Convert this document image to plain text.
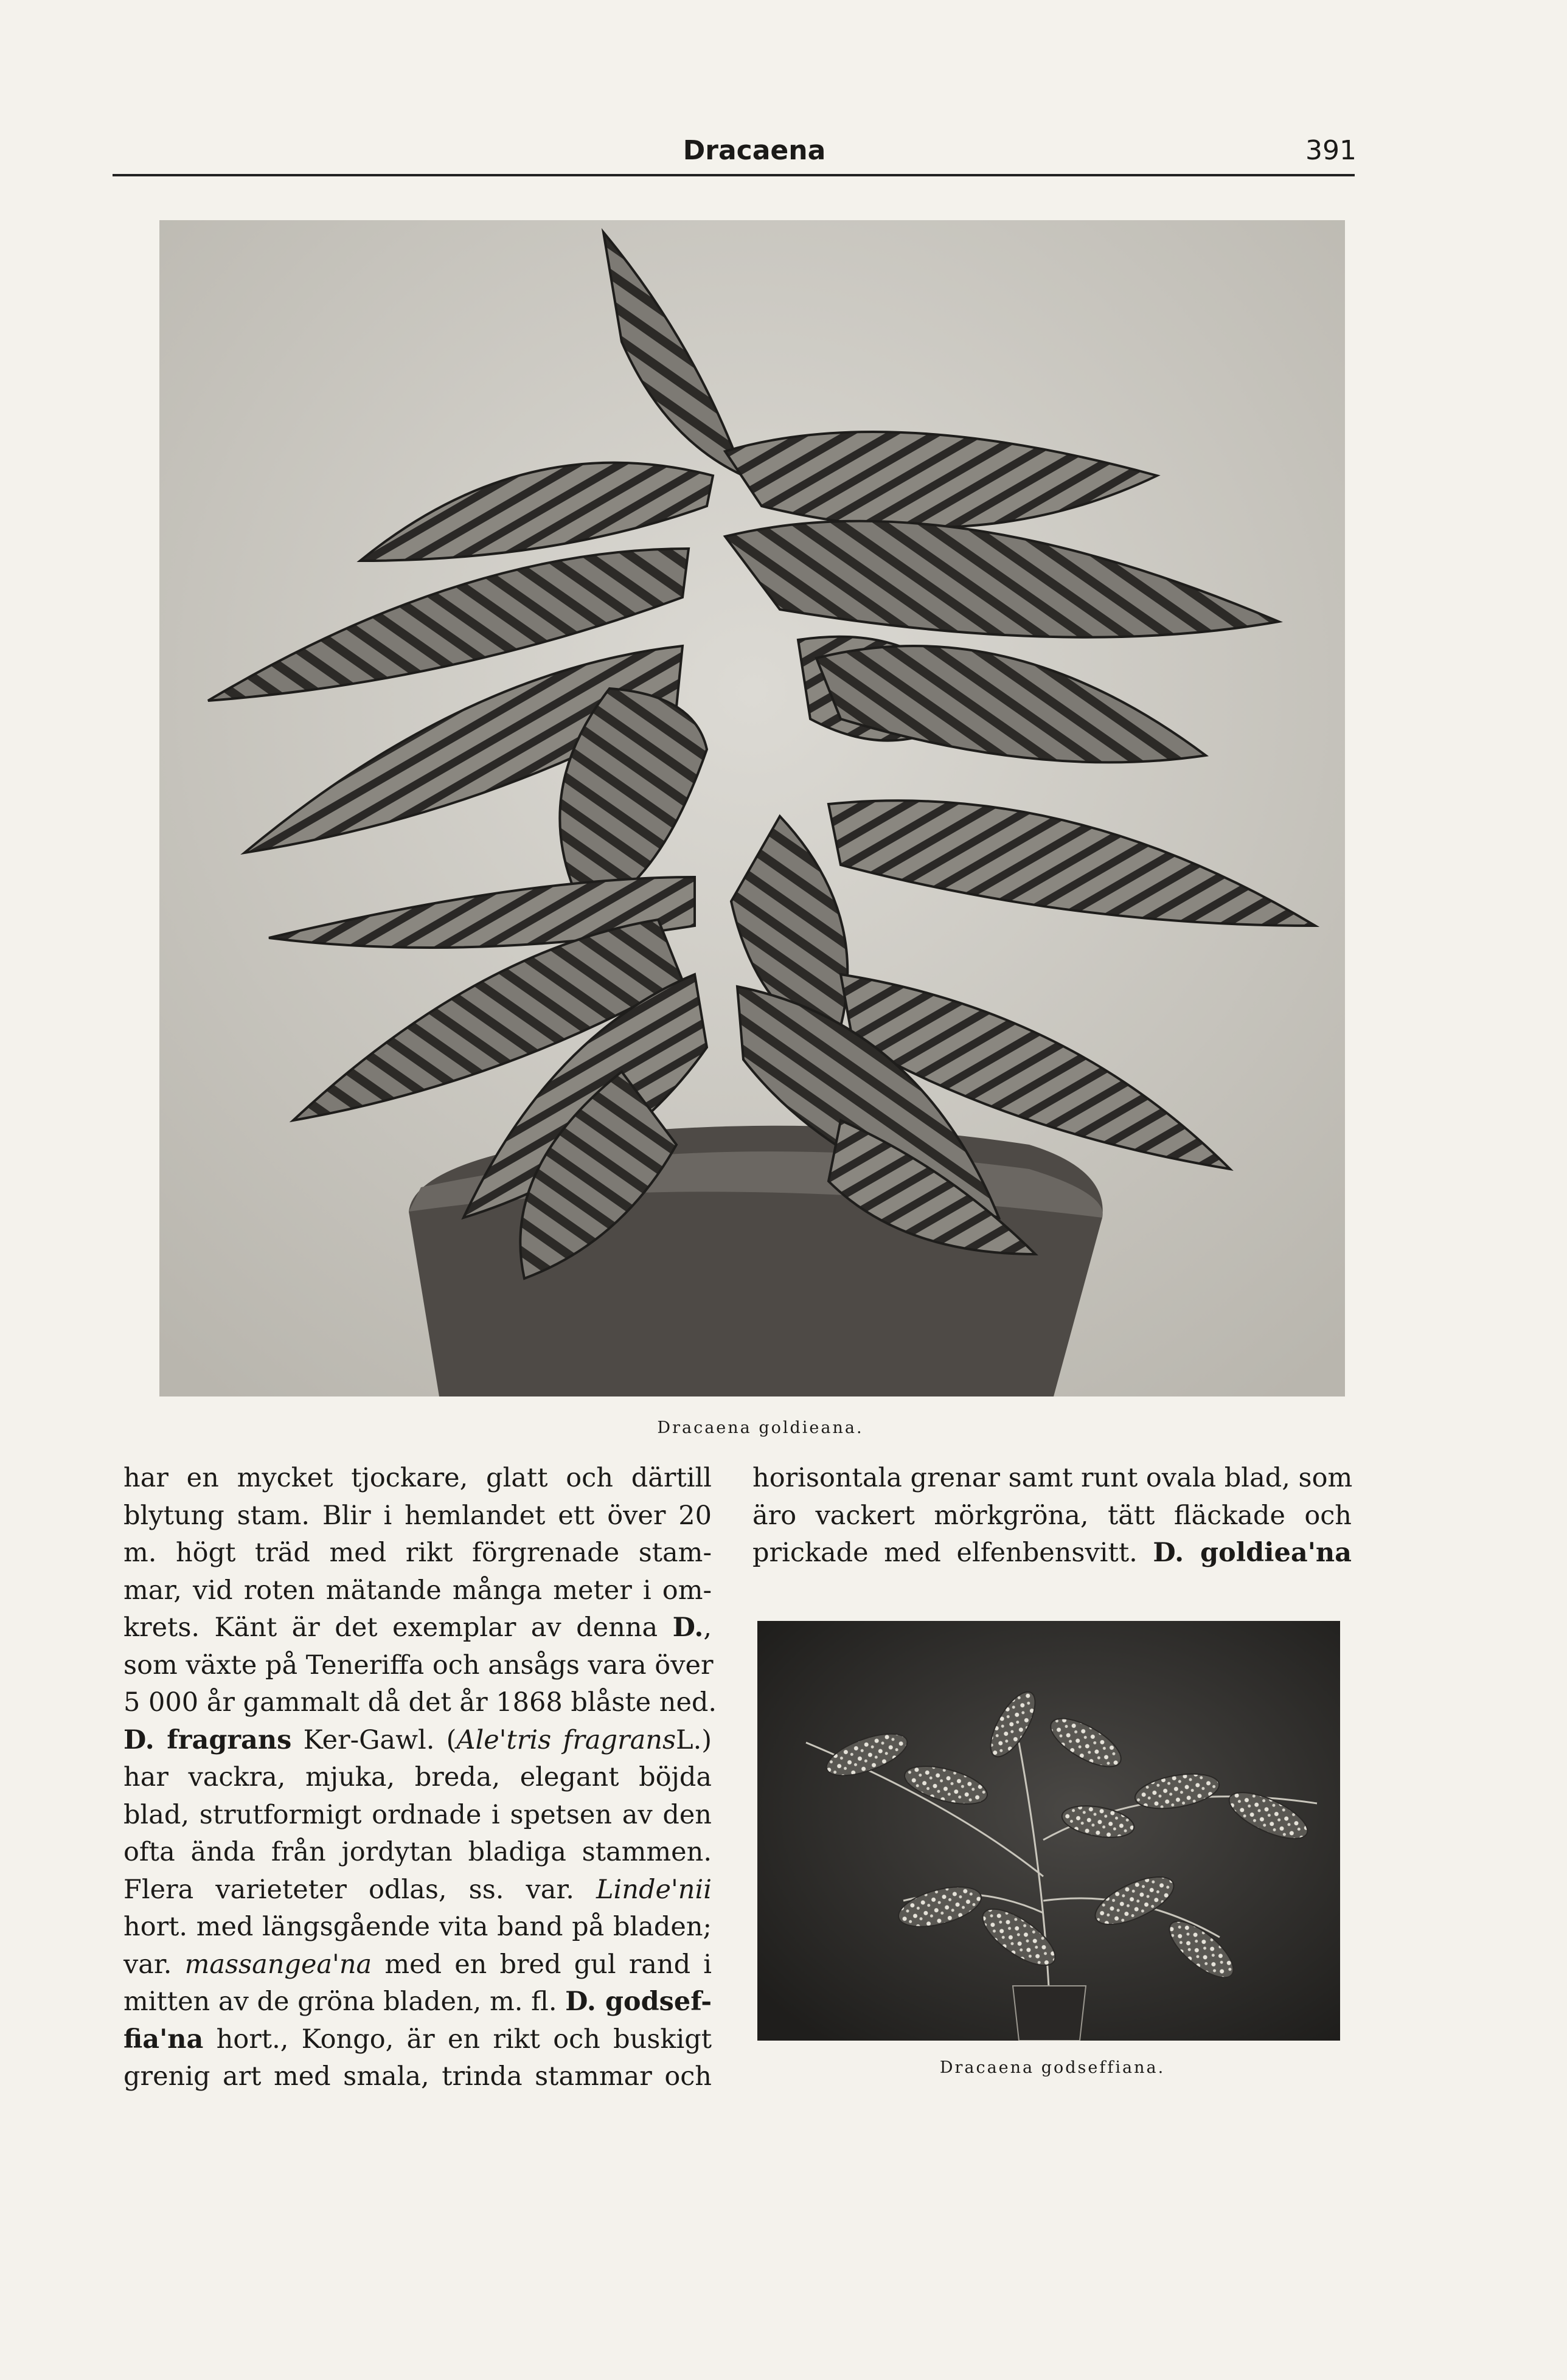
Dracaena	391
Dracaena goldieana.
har en mycket tjockare, glatt och därtill
blytung stam. Blir i hemlandet ett över 20
m. högt träd med rikt förgrenade stam-
mar, vid roten mätande många meter i om-
krets. Känt är det exemplar av denna D.,
som växte på Teneriffa och ansågs vara över
5 000 år gammalt då det år 1868 blåste ned.
D. fragrans Ker-Gawl. (Ale'tris fragransL.)
har vackra, mjuka, breda, elegant böjda
blad, strutformigt ordnade i spetsen av den
ofta ända från jordytan bladiga stammen.
Flera varieteter odlas, ss. var. Linde'nii
hort. med längsgående vita band på bladen;
var. massangea'na med en bred gul rand i
mitten av de gröna bladen, m. fl. D. godsef-
fia'na hort., Kongo, är en rikt och buskigt
grenig art med smala, trinda stammar och
horisontala grenar samt runt ovala blad, som
äro vackert mörkgröna, tätt fläckade och
prickade med elfenbensvitt. D. goldiea'na
Dracaena godseffiana.
